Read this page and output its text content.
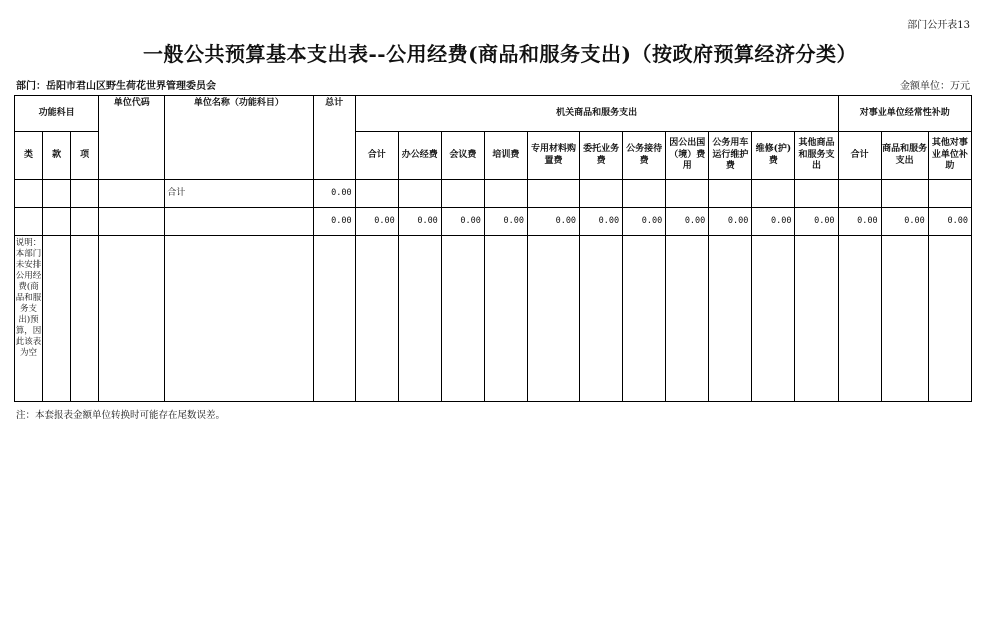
部门公开表13
一般公共预算基本支出表--公用经费(商品和服务支出)（按政府预算经济分类）
部门：岳阳市君山区野生荷花世界管理委员会	金额单位：万元
功能科目			单位代码	单位名称（功能科目）	总计	机关商品和服务支出											对事业单位经常性补助		
类	款	项				合计	办公经费	会议费	培训费	专用材料购置费	委托业务费	公务接待费	因公出国（境）费用	公务用车运行维护费	维修(护)费	其他商品和服务支出	合计	商品和服务支出	其他对事业单位补助
				合计	0.00														
					0.00	0.00	0.00	0.00	0.00	0.00	0.00	0.00	0.00	0.00	0.00	0.00	0.00	0.00	0.00
说明：本部门未安排公用经费(商品和服务支出)预算，因此该表为空																			
注：本套报表金额单位转换时可能存在尾数误差。
